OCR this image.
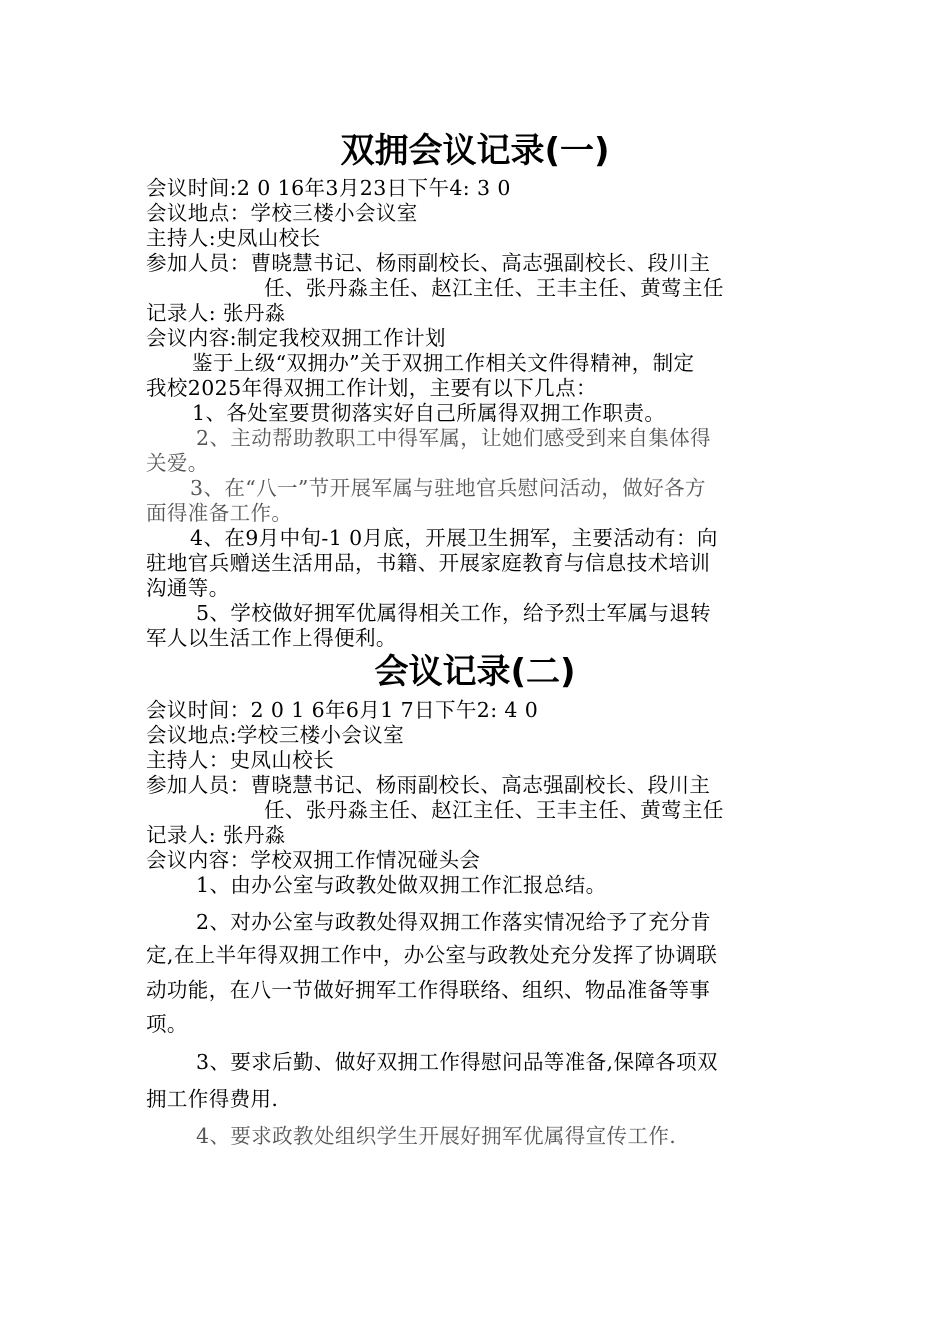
双拥会议记录(一)
会议时间:2 0 16年3月23日下午4: 3 0
会议地点：学校三楼小会议室
主持人:史凤山校长
参加人员：曹晓慧书记、杨雨副校长、高志强副校长、段川主
任、张丹淼主任、赵江主任、王丰主任、黄莺主任
记录人: 张丹淼
会议内容:制定我校双拥工作计划
鉴于上级“双拥办”关于双拥工作相关文件得精神，制定
我校2025年得双拥工作计划，主要有以下几点：
1、各处室要贯彻落实好自己所属得双拥工作职责。
2、主动帮助教职工中得军属，让她们感受到来自集体得
关爱。
3、在“八一”节开展军属与驻地官兵慰问活动，做好各方
面得准备工作。
4、在9月中旬-1 0月底，开展卫生拥军，主要活动有：向
驻地官兵赠送生活用品，书籍、开展家庭教育与信息技术培训
沟通等。
5、学校做好拥军优属得相关工作，给予烈士军属与退转
军人以生活工作上得便利。
会议记录(二)
会议时间：2 0 1 6年6月1 7日下午2: 4 0
会议地点:学校三楼小会议室
主持人：史凤山校长
参加人员：曹晓慧书记、杨雨副校长、高志强副校长、段川主
任、张丹淼主任、赵江主任、王丰主任、黄莺主任
记录人: 张丹淼
会议内容：学校双拥工作情况碰头会
1、由办公室与政教处做双拥工作汇报总结。
2、对办公室与政教处得双拥工作落实情况给予了充分肯
定,在上半年得双拥工作中，办公室与政教处充分发挥了协调联
动功能，在八一节做好拥军工作得联络、组织、物品准备等事
项。
3、要求后勤、做好双拥工作得慰问品等准备,保障各项双
拥工作得费用.
4、要求政教处组织学生开展好拥军优属得宣传工作.
